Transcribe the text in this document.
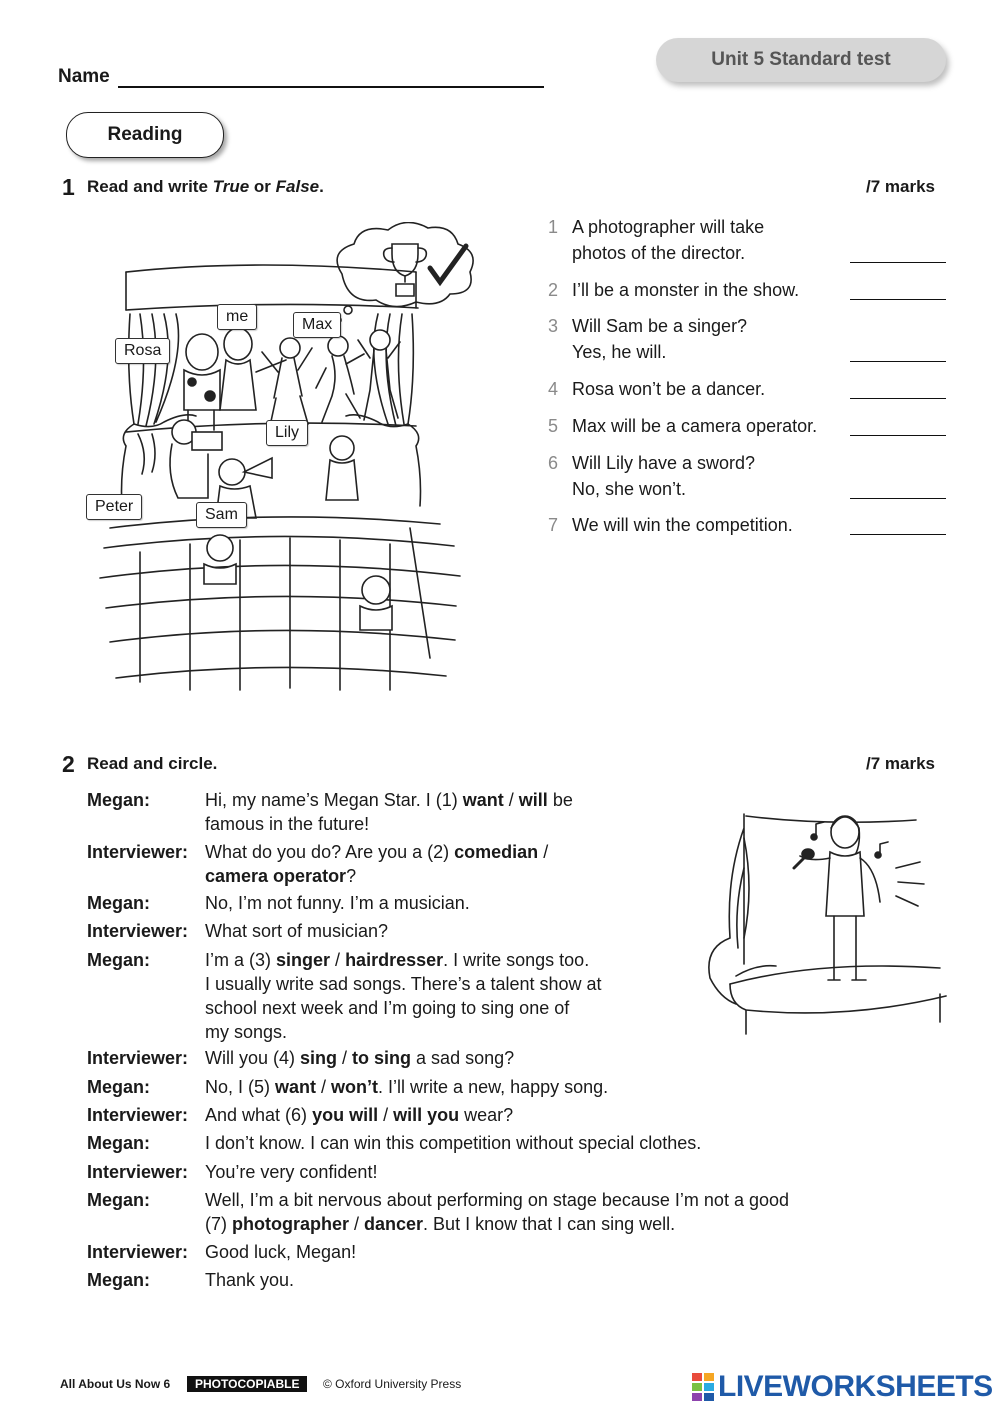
Unit 5 Standard test
Name
Reading
1 Read and write True or False.	/7 marks
me	Max
Rosa
Lily
Peter	Sam
1 A photographer will take
photos of the director.
2 I’ll be a monster in the show.
3 Will Sam be a singer?
Yes, he will.
4 Rosa won’t be a dancer.
5 Max will be a camera operator.
6 Will Lily have a sword?
No, she won’t.
7 We will win the competition.
2 Read and circle.	/7 marks
Megan:	Hi, my name’s Megan Star. I (1) want / will be
famous in the future!
Interviewer: What do you do? Are you a (2) comedian /
camera operator?
Megan:	No, I’m not funny. I’m a musician.
Interviewer: What sort of musician?
Megan:	I’m a (3) singer / hairdresser. I write songs too.
I usually write sad songs. There’s a talent show at
school next week and I’m going to sing one of
my songs.
Interviewer: Will you (4) sing / to sing a sad song?
Megan:	No, I (5) want / won’t. I’ll write a new, happy song.
Interviewer: And what (6) you will / will you wear?
Megan:	I don’t know. I can win this competition without special clothes.
Interviewer: You’re very confident!
Megan:	Well, I’m a bit nervous about performing on stage because I’m not a good
(7) photographer / dancer. But I know that I can sing well.
Interviewer: Good luck, Megan!
Megan:	Thank you.
All About Us Now 6	PHOTOCOPIABLE	© Oxford University Press	LIVEWORKSHEETS
